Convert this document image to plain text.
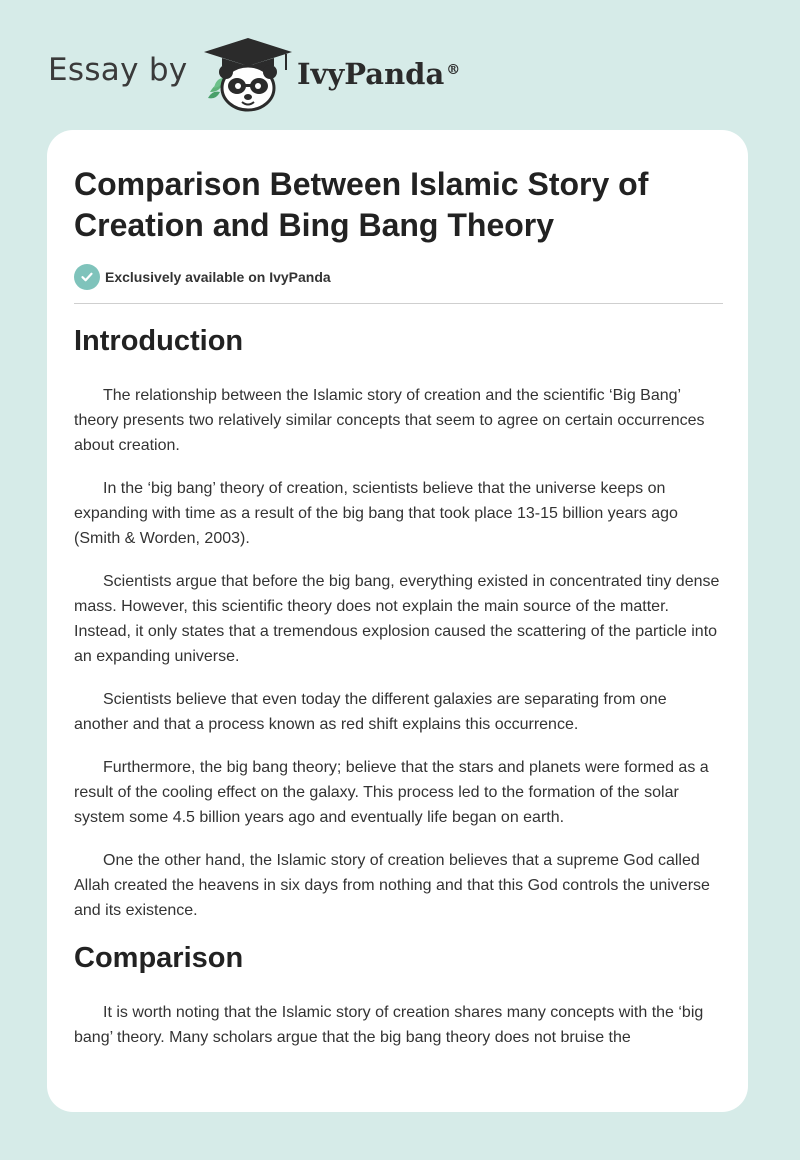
Essay by	IvyPanda ®
Comparison Between Islamic Story of Creation and Bing Bang Theory
Exclusively available on IvyPanda
Introduction

The relationship between the Islamic story of creation and the scientific ‘Big Bang’ theory presents two relatively similar concepts that seem to agree on certain occurrences about creation.

In the ‘big bang’ theory of creation, scientists believe that the universe keeps on expanding with time as a result of the big bang that took place 13-15 billion years ago (Smith & Worden, 2003).

Scientists argue that before the big bang, everything existed in concentrated tiny dense mass. However, this scientific theory does not explain the main source of the matter. Instead, it only states that a tremendous explosion caused the scattering of the particle into an expanding universe.

Scientists believe that even today the different galaxies are separating from one another and that a process known as red shift explains this occurrence.

Furthermore, the big bang theory; believe that the stars and planets were formed as a result of the cooling effect on the galaxy. This process led to the formation of the solar system some 4.5 billion years ago and eventually life began on earth.

One the other hand, the Islamic story of creation believes that a supreme God called Allah created the heavens in six days from nothing and that this God controls the universe and its existence.

Comparison

It is worth noting that the Islamic story of creation shares many concepts with the ‘big bang’ theory. Many scholars argue that the big bang theory does not bruise the
